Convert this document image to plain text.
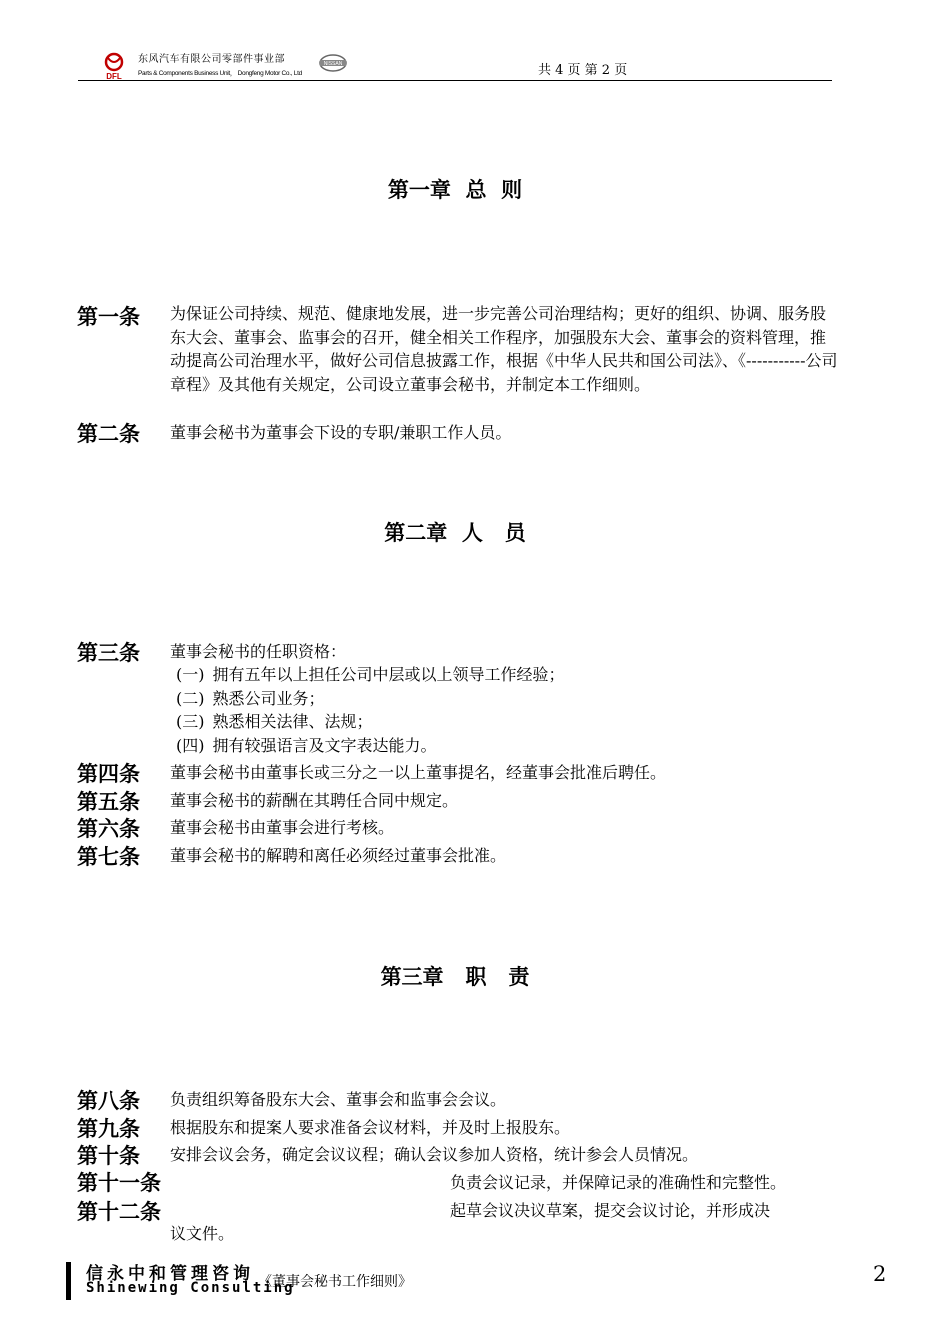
DFL
东风汽车有限公司零部件事业部
Parts & Components Business Unit， Dongfeng Motor Co., Ltd
NISSAN	共 4 页 第 2 页
第一章  总  则
第一条 为保证公司持续、规范、健康地发展，进一步完善公司治理结构；更好的组织、协调、服务股东大会、董事会、监事会的召开，健全相关工作程序，加强股东大会、董事会的资料管理，推动提高公司治理水平，做好公司信息披露工作，根据《中华人民共和国公司法》、《-----------公司章程》及其他有关规定，公司设立董事会秘书，并制定本工作细则。
第二条 董事会秘书为董事会下设的专职/兼职工作人员。
第二章  人   员
第三条 董事会秘书的任职资格：
(一) 拥有五年以上担任公司中层或以上领导工作经验；
(二) 熟悉公司业务；
(三) 熟悉相关法律、法规；
(四) 拥有较强语言及文字表达能力。
第四条 董事会秘书由董事长或三分之一以上董事提名，经董事会批准后聘任。
第五条 董事会秘书的薪酬在其聘任合同中规定。
第六条 董事会秘书由董事会进行考核。
第七条 董事会秘书的解聘和离任必须经过董事会批准。
第三章   职   责
第八条 负责组织筹备股东大会、董事会和监事会会议。
第九条 根据股东和提案人要求准备会议材料，并及时上报股东。
第十条 安排会议会务，确定会议议程；确认会议参加人资格，统计参会人员情况。
第十一条	负责会议记录，并保障记录的准确性和完整性。
第十二条	起草会议决议草案，提交会议讨论，并形成决
议文件。
信永中和管理咨询
Shinewing Consulting
《董事会秘书工作细则》	2
